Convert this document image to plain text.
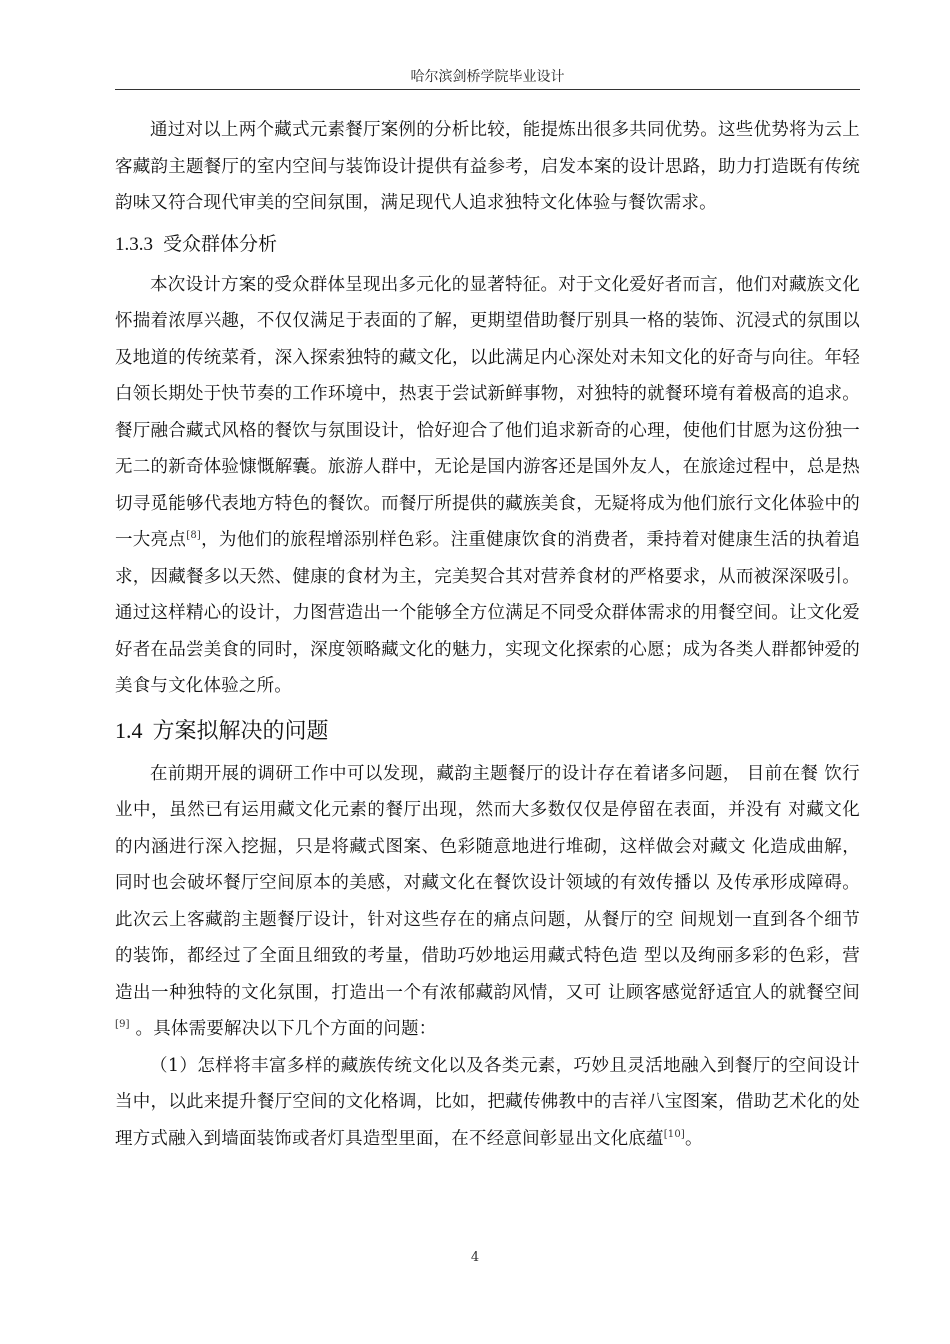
哈尔滨剑桥学院毕业设计

通过对以上两个藏式元素餐厅案例的分析比较，能提炼出很多共同优势。这些优势将为云上客藏韵主题餐厅的室内空间与装饰设计提供有益参考，启发本案的设计思路，助力打造既有传统韵味又符合现代审美的空间氛围，满足现代人追求独特文化体验与餐饮需求。

1.3.3 受众群体分析

本次设计方案的受众群体呈现出多元化的显著特征。对于文化爱好者而言，他们对藏族文化怀揣着浓厚兴趣，不仅仅满足于表面的了解，更期望借助餐厅别具一格的装饰、沉浸式的氛围以及地道的传统菜肴，深入探索独特的藏文化，以此满足内心深处对未知文化的好奇与向往。年轻白领长期处于快节奏的工作环境中，热衷于尝试新鲜事物，对独特的就餐环境有着极高的追求。餐厅融合藏式风格的餐饮与氛围设计，恰好迎合了他们追求新奇的心理，使他们甘愿为这份独一无二的新奇体验慷慨解囊。旅游人群中，无论是国内游客还是国外友人，在旅途过程中，总是热切寻觅能够代表地方特色的餐饮。而餐厅所提供的藏族美食，无疑将成为他们旅行文化体验中的一大亮点[8]，为他们的旅程增添别样色彩。注重健康饮食的消费者，秉持着对健康生活的执着追求，因藏餐多以天然、健康的食材为主，完美契合其对营养食材的严格要求，从而被深深吸引。通过这样精心的设计，力图营造出一个能够全方位满足不同受众群体需求的用餐空间。让文化爱好者在品尝美食的同时，深度领略藏文化的魅力，实现文化探索的心愿；成为各类人群都钟爱的美食与文化体验之所。

1.4 方案拟解决的问题

在前期开展的调研工作中可以发现，藏韵主题餐厅的设计存在着诸多问题， 目前在餐 饮行业中，虽然已有运用藏文化元素的餐厅出现，然而大多数仅仅是停留在表面，并没有 对藏文化的内涵进行深入挖掘，只是将藏式图案、色彩随意地进行堆砌，这样做会对藏文 化造成曲解，同时也会破坏餐厅空间原本的美感，对藏文化在餐饮设计领域的有效传播以 及传承形成障碍。此次云上客藏韵主题餐厅设计，针对这些存在的痛点问题，从餐厅的空 间规划一直到各个细节的装饰，都经过了全面且细致的考量，借助巧妙地运用藏式特色造 型以及绚丽多彩的色彩，营造出一种独特的文化氛围，打造出一个有浓郁藏韵风情，又可 让顾客感觉舒适宜人的就餐空间[9] 。具体需要解决以下几个方面的问题：

（1）怎样将丰富多样的藏族传统文化以及各类元素，巧妙且灵活地融入到餐厅的空间设计当中，以此来提升餐厅空间的文化格调，比如，把藏传佛教中的吉祥八宝图案，借助艺术化的处理方式融入到墙面装饰或者灯具造型里面，在不经意间彰显出文化底蕴[10]。

4
